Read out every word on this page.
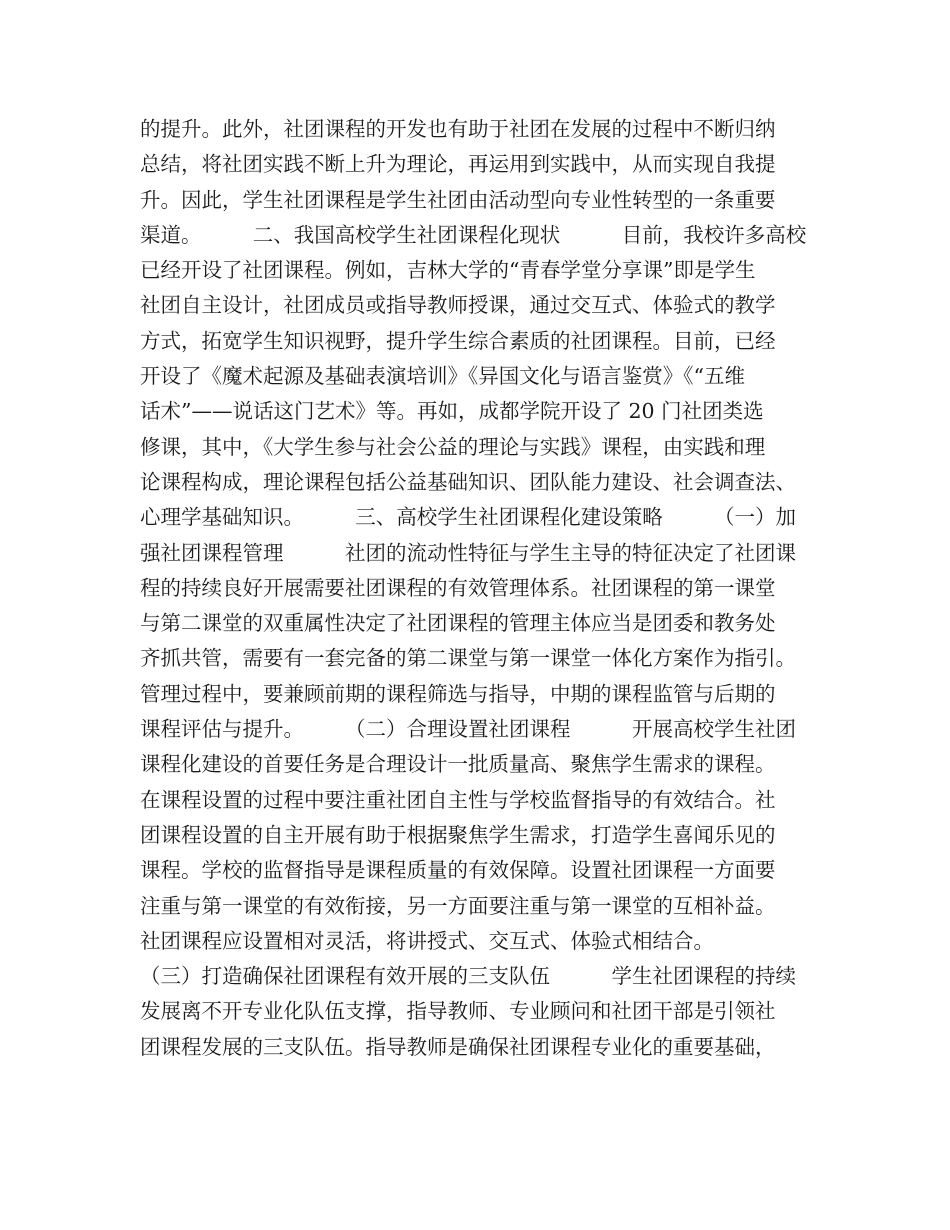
的提升。此外，社团课程的开发也有助于社团在发展的过程中不断归纳
总结，将社团实践不断上升为理论，再运用到实践中，从而实现自我提
升。因此，学生社团课程是学生社团由活动型向专业性转型的一条重要
渠道。　　　二、我国高校学生社团课程化现状　　　目前，我校许多高校
已经开设了社团课程。例如，吉林大学的“青春学堂分享课”即是学生
社团自主设计，社团成员或指导教师授课，通过交互式、体验式的教学
方式，拓宽学生知识视野，提升学生综合素质的社团课程。目前，已经
开设了《魔术起源及基础表演培训》《异国文化与语言鉴赏》《“五维
话术”——说话这门艺术》等。再如，成都学院开设了 20 门社团类选
修课，其中，《大学生参与社会公益的理论与实践》课程，由实践和理
论课程构成，理论课程包括公益基础知识、团队能力建设、社会调查法、
心理学基础知识。　　　三、高校学生社团课程化建设策略　　　（一）加
强社团课程管理　　　社团的流动性特征与学生主导的特征决定了社团课
程的持续良好开展需要社团课程的有效管理体系。社团课程的第一课堂
与第二课堂的双重属性决定了社团课程的管理主体应当是团委和教务处
齐抓共管，需要有一套完备的第二课堂与第一课堂一体化方案作为指引。
管理过程中，要兼顾前期的课程筛选与指导，中期的课程监管与后期的
课程评估与提升。　　　（二）合理设置社团课程　　　开展高校学生社团
课程化建设的首要任务是合理设计一批质量高、聚焦学生需求的课程。
在课程设置的过程中要注重社团自主性与学校监督指导的有效结合。社
团课程设置的自主开展有助于根据聚焦学生需求，打造学生喜闻乐见的
课程。学校的监督指导是课程质量的有效保障。设置社团课程一方面要
注重与第一课堂的有效衔接，另一方面要注重与第一课堂的互相补益。
社团课程应设置相对灵活，将讲授式、交互式、体验式相结合。
（三）打造确保社团课程有效开展的三支队伍　　　学生社团课程的持续
发展离不开专业化队伍支撑，指导教师、专业顾问和社团干部是引领社
团课程发展的三支队伍。指导教师是确保社团课程专业化的重要基础，
